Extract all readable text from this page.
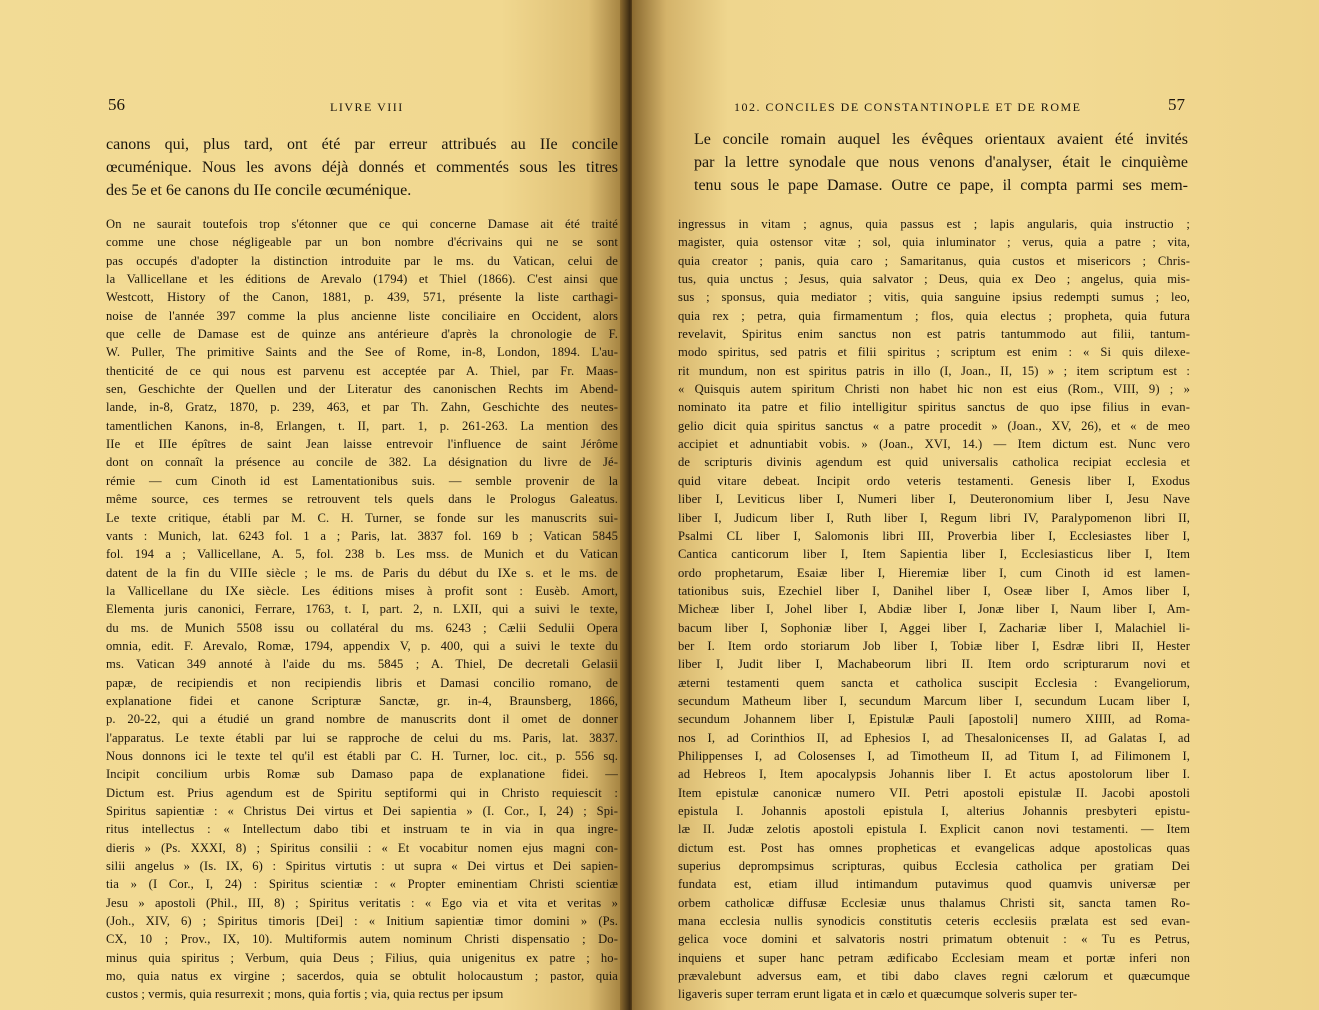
56	LIVRE VIII

canons qui, plus tard, ont été par erreur attribués au IIe concile

œcuménique. Nous les avons déjà donnés et commentés sous les titres

des 5e et 6e canons du IIe concile œcuménique.

On ne saurait toutefois trop s'étonner que ce qui concerne Damase ait été traité

comme une chose négligeable par un bon nombre d'écrivains qui ne se sont

pas occupés d'adopter la distinction introduite par le ms. du Vatican, celui de

la Vallicellane et les éditions de Arevalo (1794) et Thiel (1866). C'est ainsi que

Westcott, History of the Canon, 1881, p. 439, 571, présente la liste carthagi-

noise de l'année 397 comme la plus ancienne liste conciliaire en Occident, alors

que celle de Damase est de quinze ans antérieure d'après la chronologie de F.

W. Puller, The primitive Saints and the See of Rome, in-8, London, 1894. L'au-

thenticité de ce qui nous est parvenu est acceptée par A. Thiel, par Fr. Maas-

sen, Geschichte der Quellen und der Literatur des canonischen Rechts im Abend-

lande, in-8, Gratz, 1870, p. 239, 463, et par Th. Zahn, Geschichte des neutes-

tamentlichen Kanons, in-8, Erlangen, t. II, part. 1, p. 261-263. La mention des

IIe et IIIe épîtres de saint Jean laisse entrevoir l'influence de saint Jérôme

dont on connaît la présence au concile de 382. La désignation du livre de Jé-

rémie — cum Cinoth id est Lamentationibus suis. — semble provenir de la

même source, ces termes se retrouvent tels quels dans le Prologus Galeatus.

Le texte critique, établi par M. C. H. Turner, se fonde sur les manuscrits sui-

vants : Munich, lat. 6243 fol. 1 a ; Paris, lat. 3837 fol. 169 b ; Vatican 5845

fol. 194 a ; Vallicellane, A. 5, fol. 238 b. Les mss. de Munich et du Vatican

datent de la fin du VIIIe siècle ; le ms. de Paris du début du IXe s. et le ms. de

la Vallicellane du IXe siècle. Les éditions mises à profit sont : Eusèb. Amort,

Elementa juris canonici, Ferrare, 1763, t. I, part. 2, n. LXII, qui a suivi le texte,

du ms. de Munich 5508 issu ou collatéral du ms. 6243 ; Cælii Sedulii Opera

omnia, edit. F. Arevalo, Romæ, 1794, appendix V, p. 400, qui a suivi le texte du

ms. Vatican 349 annoté à l'aide du ms. 5845 ; A. Thiel, De decretali Gelasii

papæ, de recipiendis et non recipiendis libris et Damasi concilio romano, de

explanatione fidei et canone Scripturæ Sanctæ, gr. in-4, Braunsberg, 1866,

p. 20-22, qui a étudié un grand nombre de manuscrits dont il omet de donner

l'apparatus. Le texte établi par lui se rapproche de celui du ms. Paris, lat. 3837.

Nous donnons ici le texte tel qu'il est établi par C. H. Turner, loc. cit., p. 556 sq.

Incipit concilium urbis Romæ sub Damaso papa de explanatione fidei. —

Dictum est. Prius agendum est de Spiritu septiformi qui in Christo requiescit :

Spiritus sapientiæ : « Christus Dei virtus et Dei sapientia » (I. Cor., I, 24) ; Spi-

ritus intellectus : « Intellectum dabo tibi et instruam te in via in qua ingre-

dieris » (Ps. XXXI, 8) ; Spiritus consilii : « Et vocabitur nomen ejus magni con-

silii angelus » (Is. IX, 6) : Spiritus virtutis : ut supra « Dei virtus et Dei sapien-

tia » (I Cor., I, 24) : Spiritus scientiæ : « Propter eminentiam Christi scientiæ

Jesu » apostoli (Phil., III, 8) ; Spiritus veritatis : « Ego via et vita et veritas »

(Joh., XIV, 6) ; Spiritus timoris [Dei] : « Initium sapientiæ timor domini » (Ps.

CX, 10 ; Prov., IX, 10). Multiformis autem nominum Christi dispensatio ; Do-

minus quia spiritus ; Verbum, quia Deus ; Filius, quia unigenitus ex patre ; ho-

mo, quia natus ex virgine ; sacerdos, quia se obtulit holocaustum ; pastor, quia

custos ; vermis, quia resurrexit ; mons, quia fortis ; via, quia rectus per ipsum

102. CONCILES DE CONSTANTINOPLE ET DE ROME	57

Le concile romain auquel les évêques orientaux avaient été invités

par la lettre synodale que nous venons d'analyser, était le cinquième

tenu sous le pape Damase. Outre ce pape, il compta parmi ses mem-

ingressus in vitam ; agnus, quia passus est ; lapis angularis, quia instructio ;

magister, quia ostensor vitæ ; sol, quia inluminator ; verus, quia a patre ; vita,

quia creator ; panis, quia caro ; Samaritanus, quia custos et misericors ; Chris-

tus, quia unctus ; Jesus, quia salvator ; Deus, quia ex Deo ; angelus, quia mis-

sus ; sponsus, quia mediator ; vitis, quia sanguine ipsius redempti sumus ; leo,

quia rex ; petra, quia firmamentum ; flos, quia electus ; propheta, quia futura

revelavit, Spiritus enim sanctus non est patris tantummodo aut filii, tantum-

modo spiritus, sed patris et filii spiritus ; scriptum est enim : « Si quis dilexe-

rit mundum, non est spiritus patris in illo (I, Joan., II, 15) » ; item scriptum est :

« Quisquis autem spiritum Christi non habet hic non est eius (Rom., VIII, 9) ; »

nominato ita patre et filio intelligitur spiritus sanctus de quo ipse filius in evan-

gelio dicit quia spiritus sanctus « a patre procedit » (Joan., XV, 26), et « de meo

accipiet et adnuntiabit vobis. » (Joan., XVI, 14.) — Item dictum est. Nunc vero

de scripturis divinis agendum est quid universalis catholica recipiat ecclesia et

quid vitare debeat. Incipit ordo veteris testamenti. Genesis liber I, Exodus

liber I, Leviticus liber I, Numeri liber I, Deuteronomium liber I, Jesu Nave

liber I, Judicum liber I, Ruth liber I, Regum libri IV, Paralypomenon libri II,

Psalmi CL liber I, Salomonis libri III, Proverbia liber I, Ecclesiastes liber I,

Cantica canticorum liber I, Item Sapientia liber I, Ecclesiasticus liber I, Item

ordo prophetarum, Esaiæ liber I, Hieremiæ liber I, cum Cinoth id est lamen-

tationibus suis, Ezechiel liber I, Danihel liber I, Oseæ liber I, Amos liber I,

Micheæ liber I, Johel liber I, Abdiæ liber I, Jonæ liber I, Naum liber I, Am-

bacum liber I, Sophoniæ liber I, Aggei liber I, Zachariæ liber I, Malachiel li-

ber I. Item ordo storiarum Job liber I, Tobiæ liber I, Esdræ libri II, Hester

liber I, Judit liber I, Machabeorum libri II. Item ordo scripturarum novi et

æterni testamenti quem sancta et catholica suscipit Ecclesia : Evangeliorum,

secundum Matheum liber I, secundum Marcum liber I, secundum Lucam liber I,

secundum Johannem liber I, Epistulæ Pauli [apostoli] numero XIIII, ad Roma-

nos I, ad Corinthios II, ad Ephesios I, ad Thesalonicenses II, ad Galatas I, ad

Philippenses I, ad Colosenses I, ad Timotheum II, ad Titum I, ad Filimonem I,

ad Hebreos I, Item apocalypsis Johannis liber I. Et actus apostolorum liber I.

Item epistulæ canonicæ numero VII. Petri apostoli epistulæ II. Jacobi apostoli

epistula I. Johannis apostoli epistula I, alterius Johannis presbyteri epistu-

læ II. Judæ zelotis apostoli epistula I. Explicit canon novi testamenti. — Item

dictum est. Post has omnes propheticas et evangelicas adque apostolicas quas

superius deprompsimus scripturas, quibus Ecclesia catholica per gratiam Dei

fundata est, etiam illud intimandum putavimus quod quamvis universæ per

orbem catholicæ diffusæ Ecclesiæ unus thalamus Christi sit, sancta tamen Ro-

mana ecclesia nullis synodicis constitutis ceteris ecclesiis prælata est sed evan-

gelica voce domini et salvatoris nostri primatum obtenuit : « Tu es Petrus,

inquiens et super hanc petram ædificabo Ecclesiam meam et portæ inferi non

prævalebunt adversus eam, et tibi dabo claves regni cælorum et quæcumque

ligaveris super terram erunt ligata et in cælo et quæcumque solveris super ter-
